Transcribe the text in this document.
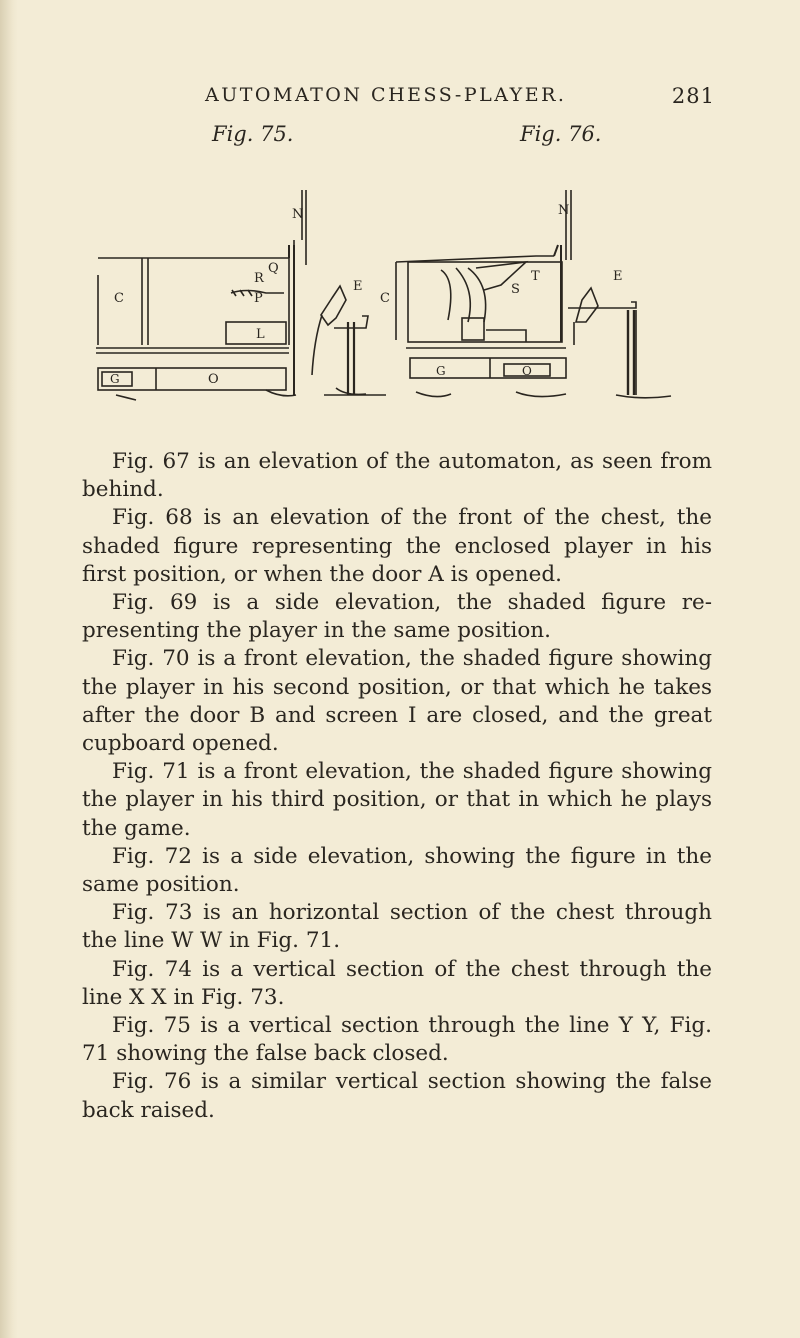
AUTOMATON CHESS-PLAYER.	281
Fig. 75.	Fig. 76.
N
Q
R
P
C
E
L
G	O
N
T
S
C
E
G	O

Fig. 67 is an elevation of the automaton, as seen from behind.

Fig. 68 is an elevation of the front of the chest, the shaded figure representing the enclosed player in his first position, or when the door A is opened.

Fig. 69 is a side elevation, the shaded figure re- presenting the player in the same position.

Fig. 70 is a front elevation, the shaded figure showing the player in his second position, or that which he takes after the door B and screen I are closed, and the great cupboard opened.

Fig. 71 is a front elevation, the shaded figure showing the player in his third position, or that in which he plays the game.

Fig. 72 is a side elevation, showing the figure in the same position.

Fig. 73 is an horizontal section of the chest through the line W W in Fig. 71.

Fig. 74 is a vertical section of the chest through the line X X in Fig. 73.

Fig. 75 is a vertical section through the line Y Y, Fig. 71 showing the false back closed.

Fig. 76 is a similar vertical section showing the false back raised.
